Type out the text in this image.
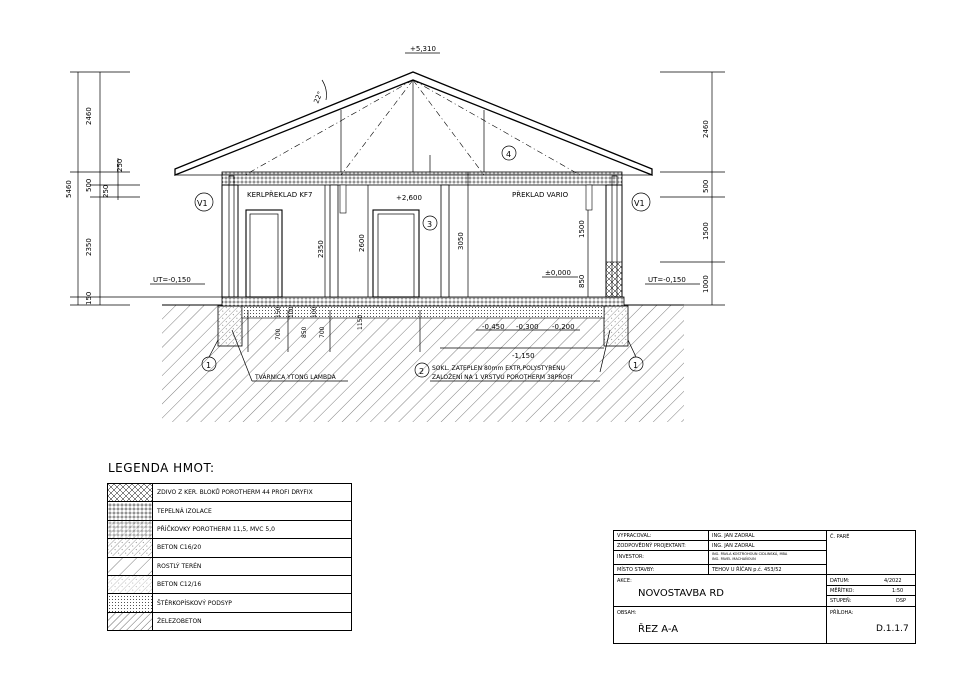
2460
250
500 250
5460
2350
150
2460
500
1500
1000
2350	2600	3050
1500
850
700
150 100
850
100
700
1150
+5,310
+2,600
±0,000
UT=-0,150	UT=-0,150
-0,450 -0,300 -0,200
-1,150
22°
KERLPŘEKLAD KF7	PŘEKLAD VARIO
TVÁRNICA YTONG LAMBDA
SOKL. ZATEPLEN 80mm EXTR.POLYSTYRENU
ZALOŽENÍ NA 1 VRSTVU POROTHERM 38PROFI
V1	V1
1
2
3
4
1
LEGENDA HMOT:
	ZDIVO Z KER. BLOKŮ POROTHERM 44 PROFI DRYFIX

	TEPELNÁ IZOLACE

	PŘÍČKOVKY POROTHERM 11,5, MVC 5,0

	BETON C16/20

	ROSTLÝ TERÉN

	BETON C12/16

	ŠTĚRKOPÍSKOVÝ PODSYP

	ŽELEZOBETON
VYPRACOVAL:	ING. JAN ZADRAL
ZODPOVĚDNÝ PROJEKTANT:	ING. JAN ZADRAL
INVESTOR:	ING. PAVLA KOSTROHOUN CIDLINSKÁ, MBA
ING. PAVEL MACHAŇOUN
MÍSTO STAVBY:	TEHOV U ŘÍČAN p.č. 453/52
Č. PARÉ
AKCE:
NOVOSTAVBA RD
OBSAH:
ŘEZ A-A
DATUM:	4/2022
MĚŘÍTKO:	1:50
STUPEŇ:	DSP
PŘÍLOHA:
D.1.1.7
